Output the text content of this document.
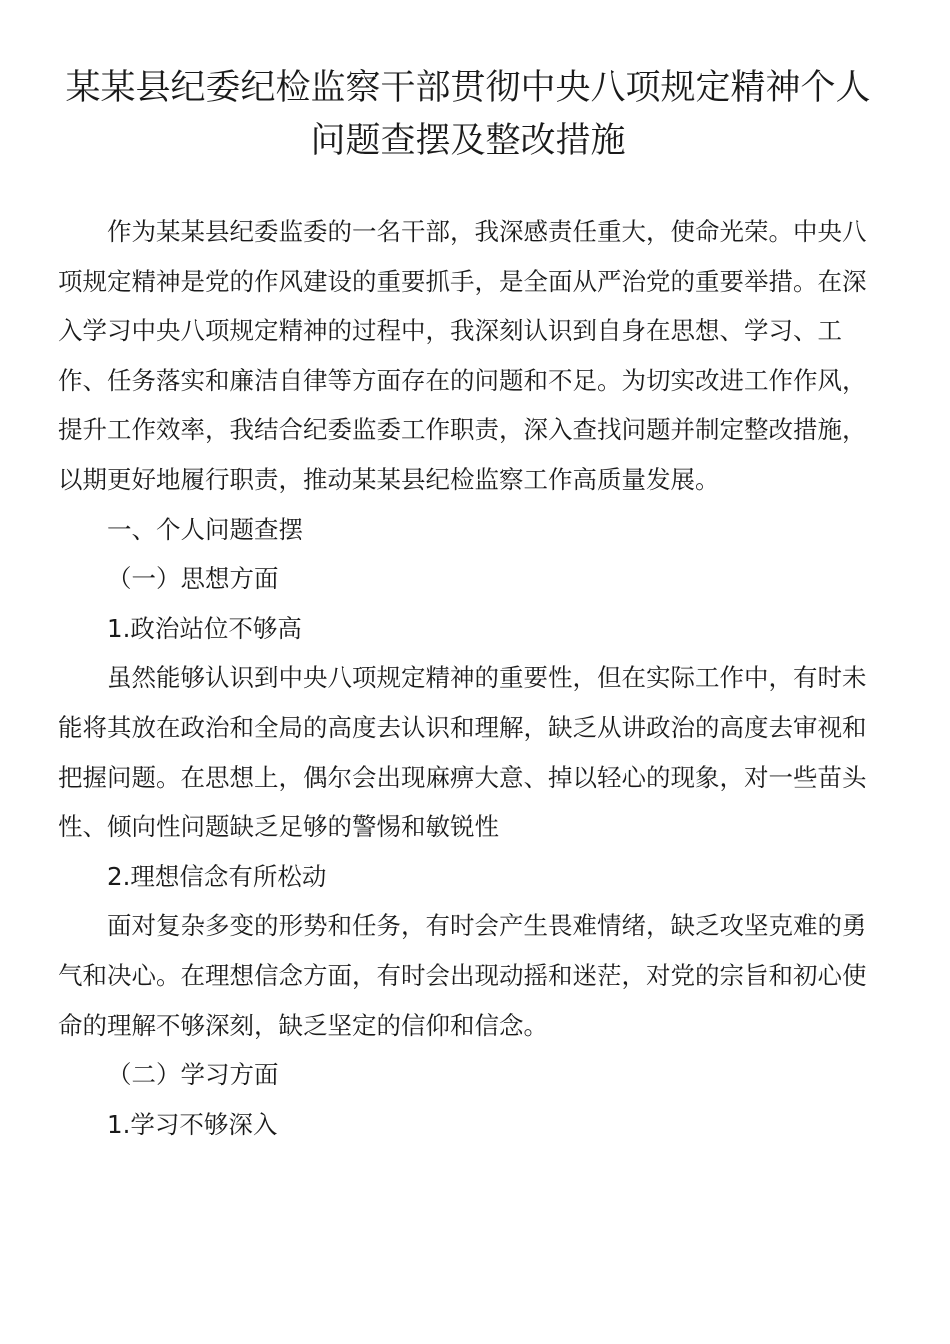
某某县纪委纪检监察干部贯彻中央八项规定精神个人
问题查摆及整改措施

作为某某县纪委监委的一名干部，我深感责任重大，使命光荣。中央八
项规定精神是党的作风建设的重要抓手，是全面从严治党的重要举措。在深
入学习中央八项规定精神的过程中，我深刻认识到自身在思想、学习、工
作、任务落实和廉洁自律等方面存在的问题和不足。为切实改进工作作风，
提升工作效率，我结合纪委监委工作职责，深入查找问题并制定整改措施，
以期更好地履行职责，推动某某县纪检监察工作高质量发展。

一、个人问题查摆

（一）思想方面

1.政治站位不够高

虽然能够认识到中央八项规定精神的重要性，但在实际工作中，有时未
能将其放在政治和全局的高度去认识和理解，缺乏从讲政治的高度去审视和
把握问题。在思想上，偶尔会出现麻痹大意、掉以轻心的现象，对一些苗头
性、倾向性问题缺乏足够的警惕和敏锐性

2.理想信念有所松动

面对复杂多变的形势和任务，有时会产生畏难情绪，缺乏攻坚克难的勇
气和决心。在理想信念方面，有时会出现动摇和迷茫，对党的宗旨和初心使
命的理解不够深刻，缺乏坚定的信仰和信念。

（二）学习方面

1.学习不够深入
